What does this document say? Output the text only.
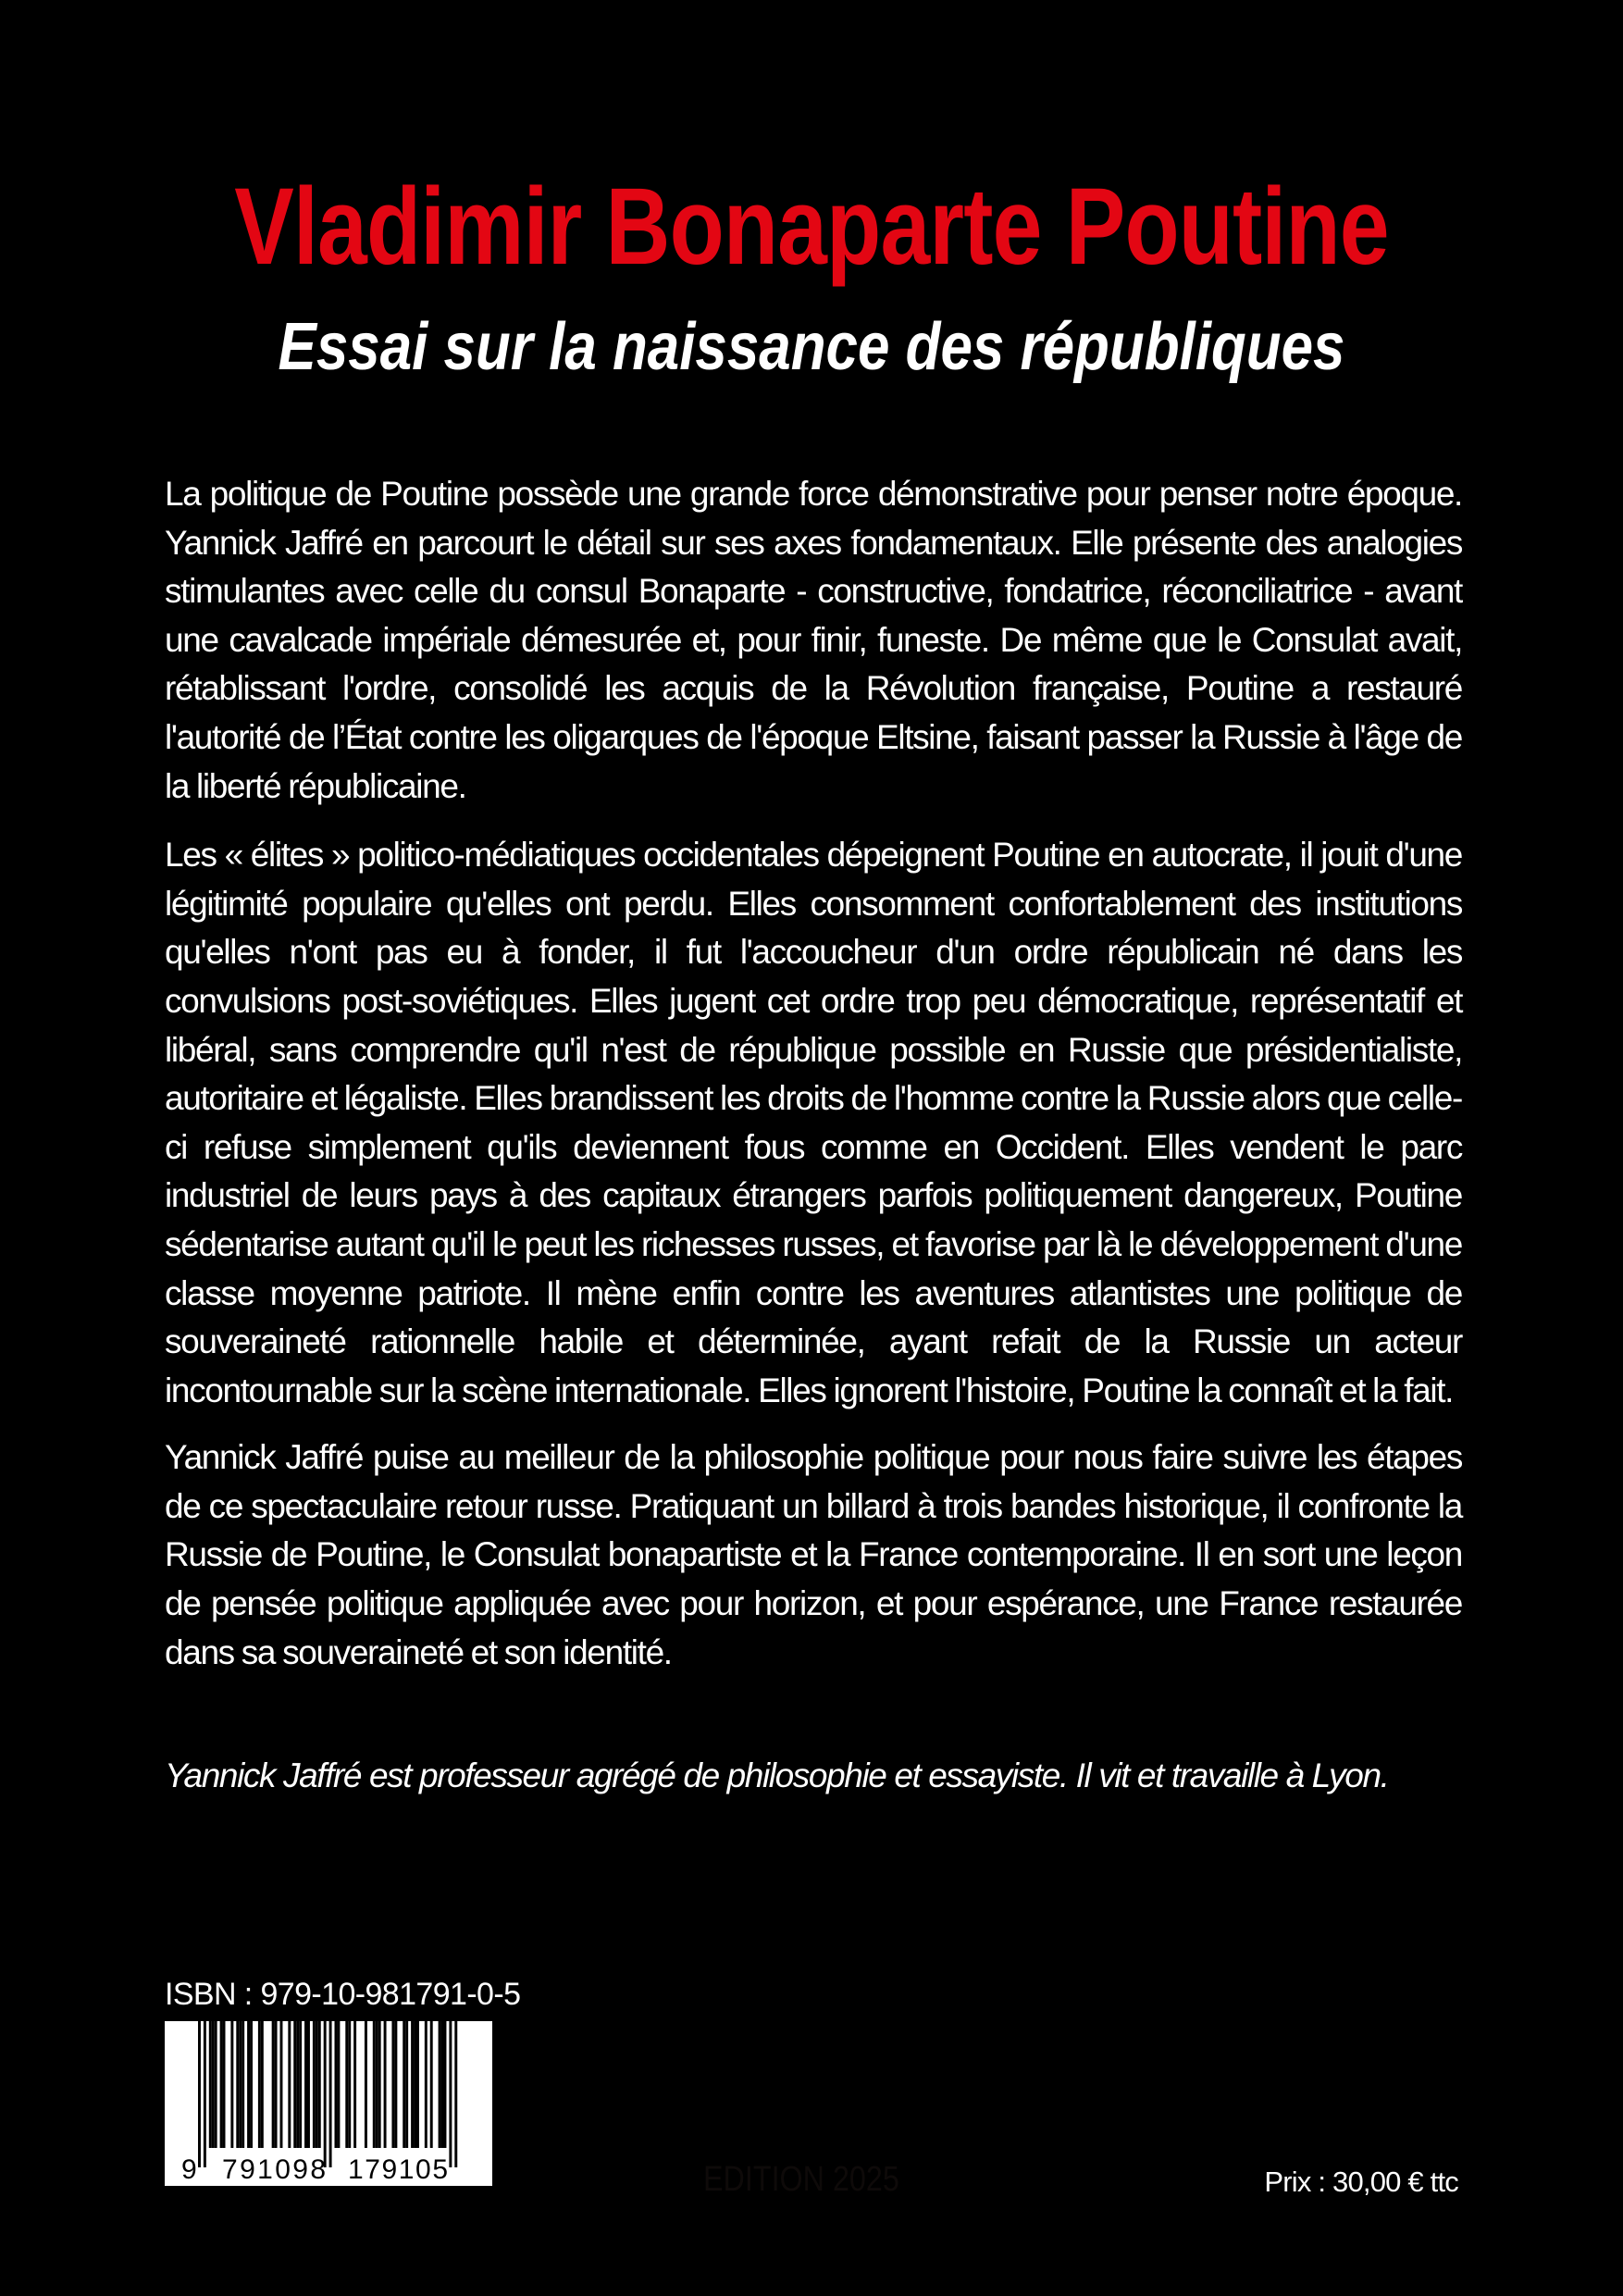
Vladimir Bonaparte Poutine
Essai sur la naissance des républiques

La politique de Poutine possède une grande force démonstrative pour penser notre époque. Yannick Jaffré en parcourt le détail sur ses axes fondamentaux. Elle présente des analogies stimulantes avec celle du consul Bonaparte - constructive, fondatrice, réconciliatrice - avant une cavalcade impériale démesurée et, pour finir, funeste. De même que le Consulat avait, rétablissant l'ordre, consolidé les acquis de la Révolution française, Poutine a restauré l'autorité de l’État contre les oligarques de l'époque Eltsine, faisant passer la Russie à l'âge de la liberté républicaine.

Les « élites » politico-médiatiques occidentales dépeignent Poutine en autocrate, il jouit d'une légitimité populaire qu'elles ont perdu. Elles consomment confortablement des institutions qu'elles n'ont pas eu à fonder, il fut l'accoucheur d'un ordre républicain né dans les convulsions post-soviétiques. Elles jugent cet ordre trop peu démocratique, représentatif et libéral, sans comprendre qu'il n'est de république possible en Russie que présidentialiste, autoritaire et légaliste. Elles brandissent les droits de l'homme contre la Russie alors que celle-ci refuse simplement qu'ils deviennent fous comme en Occident. Elles vendent le parc industriel de leurs pays à des capitaux étrangers parfois politiquement dangereux, Poutine sédentarise autant qu'il le peut les richesses russes, et favorise par là le développement d'une classe moyenne patriote. Il mène enfin contre les aventures atlantistes une politique de souveraineté rationnelle habile et déterminée, ayant refait de la Russie un acteur incontournable sur la scène internationale. Elles ignorent l'histoire, Poutine la connaît et la fait.

Yannick Jaffré puise au meilleur de la philosophie politique pour nous faire suivre les étapes de ce spectaculaire retour russe. Pratiquant un billard à trois bandes historique, il confronte la Russie de Poutine, le Consulat bonapartiste et la France contemporaine. Il en sort une leçon de pensée politique appliquée avec pour horizon, et pour espérance, une France restaurée dans sa souveraineté et son identité.

Yannick Jaffré est professeur agrégé de philosophie et essayiste. Il vit et travaille à Lyon.

ISBN : 979-10-981791-0-5

9 791098 179105	EDITION 2025	Prix : 30,00 € ttc
